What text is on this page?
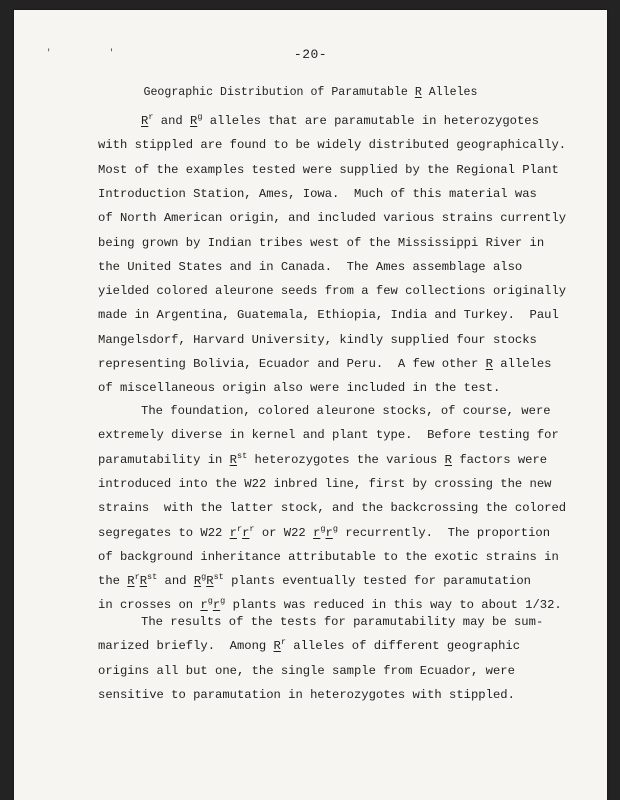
' '	-20-
Geographic Distribution of Paramutable R Alleles
$R^r$ and $R^g$ alleles that are paramutable in heterozygotes
with stippled are found to be widely distributed geographically.
Most of the examples tested were supplied by the Regional Plant
Introduction Station, Ames, Iowa.  Much of this material was
of North American origin, and included various strains currently
being grown by Indian tribes west of the Mississippi River in
the United States and in Canada.  The Ames assemblage also
yielded colored aleurone seeds from a few collections originally
made in Argentina, Guatemala, Ethiopia, India and Turkey.  Paul
Mangelsdorf, Harvard University, kindly supplied four stocks
representing Bolivia, Ecuador and Peru.  A few other R alleles
of miscellaneous origin also were included in the test.
The foundation, colored aleurone stocks, of course, were
extremely diverse in kernel and plant type.  Before testing for
paramutability in $R^{st}$ heterozygotes the various R factors were
introduced into the W22 inbred line, first by crossing the new
strains  with the latter stock, and the backcrossing the colored
segregates to W22 $r^rr^r$ or W22 $r^gr^g$ recurrently.  The proportion
of background inheritance attributable to the exotic strains in
the $R^rR^{st}$ and $R^gR^{st}$ plants eventually tested for paramutation
in crosses on $r^gr^g$ plants was reduced in this way to about 1/32.
The results of the tests for paramutability may be sum-
marized briefly.  Among $R^r$ alleles of different geographic
origins all but one, the single sample from Ecuador, were
sensitive to paramutation in heterozygotes with stippled.
